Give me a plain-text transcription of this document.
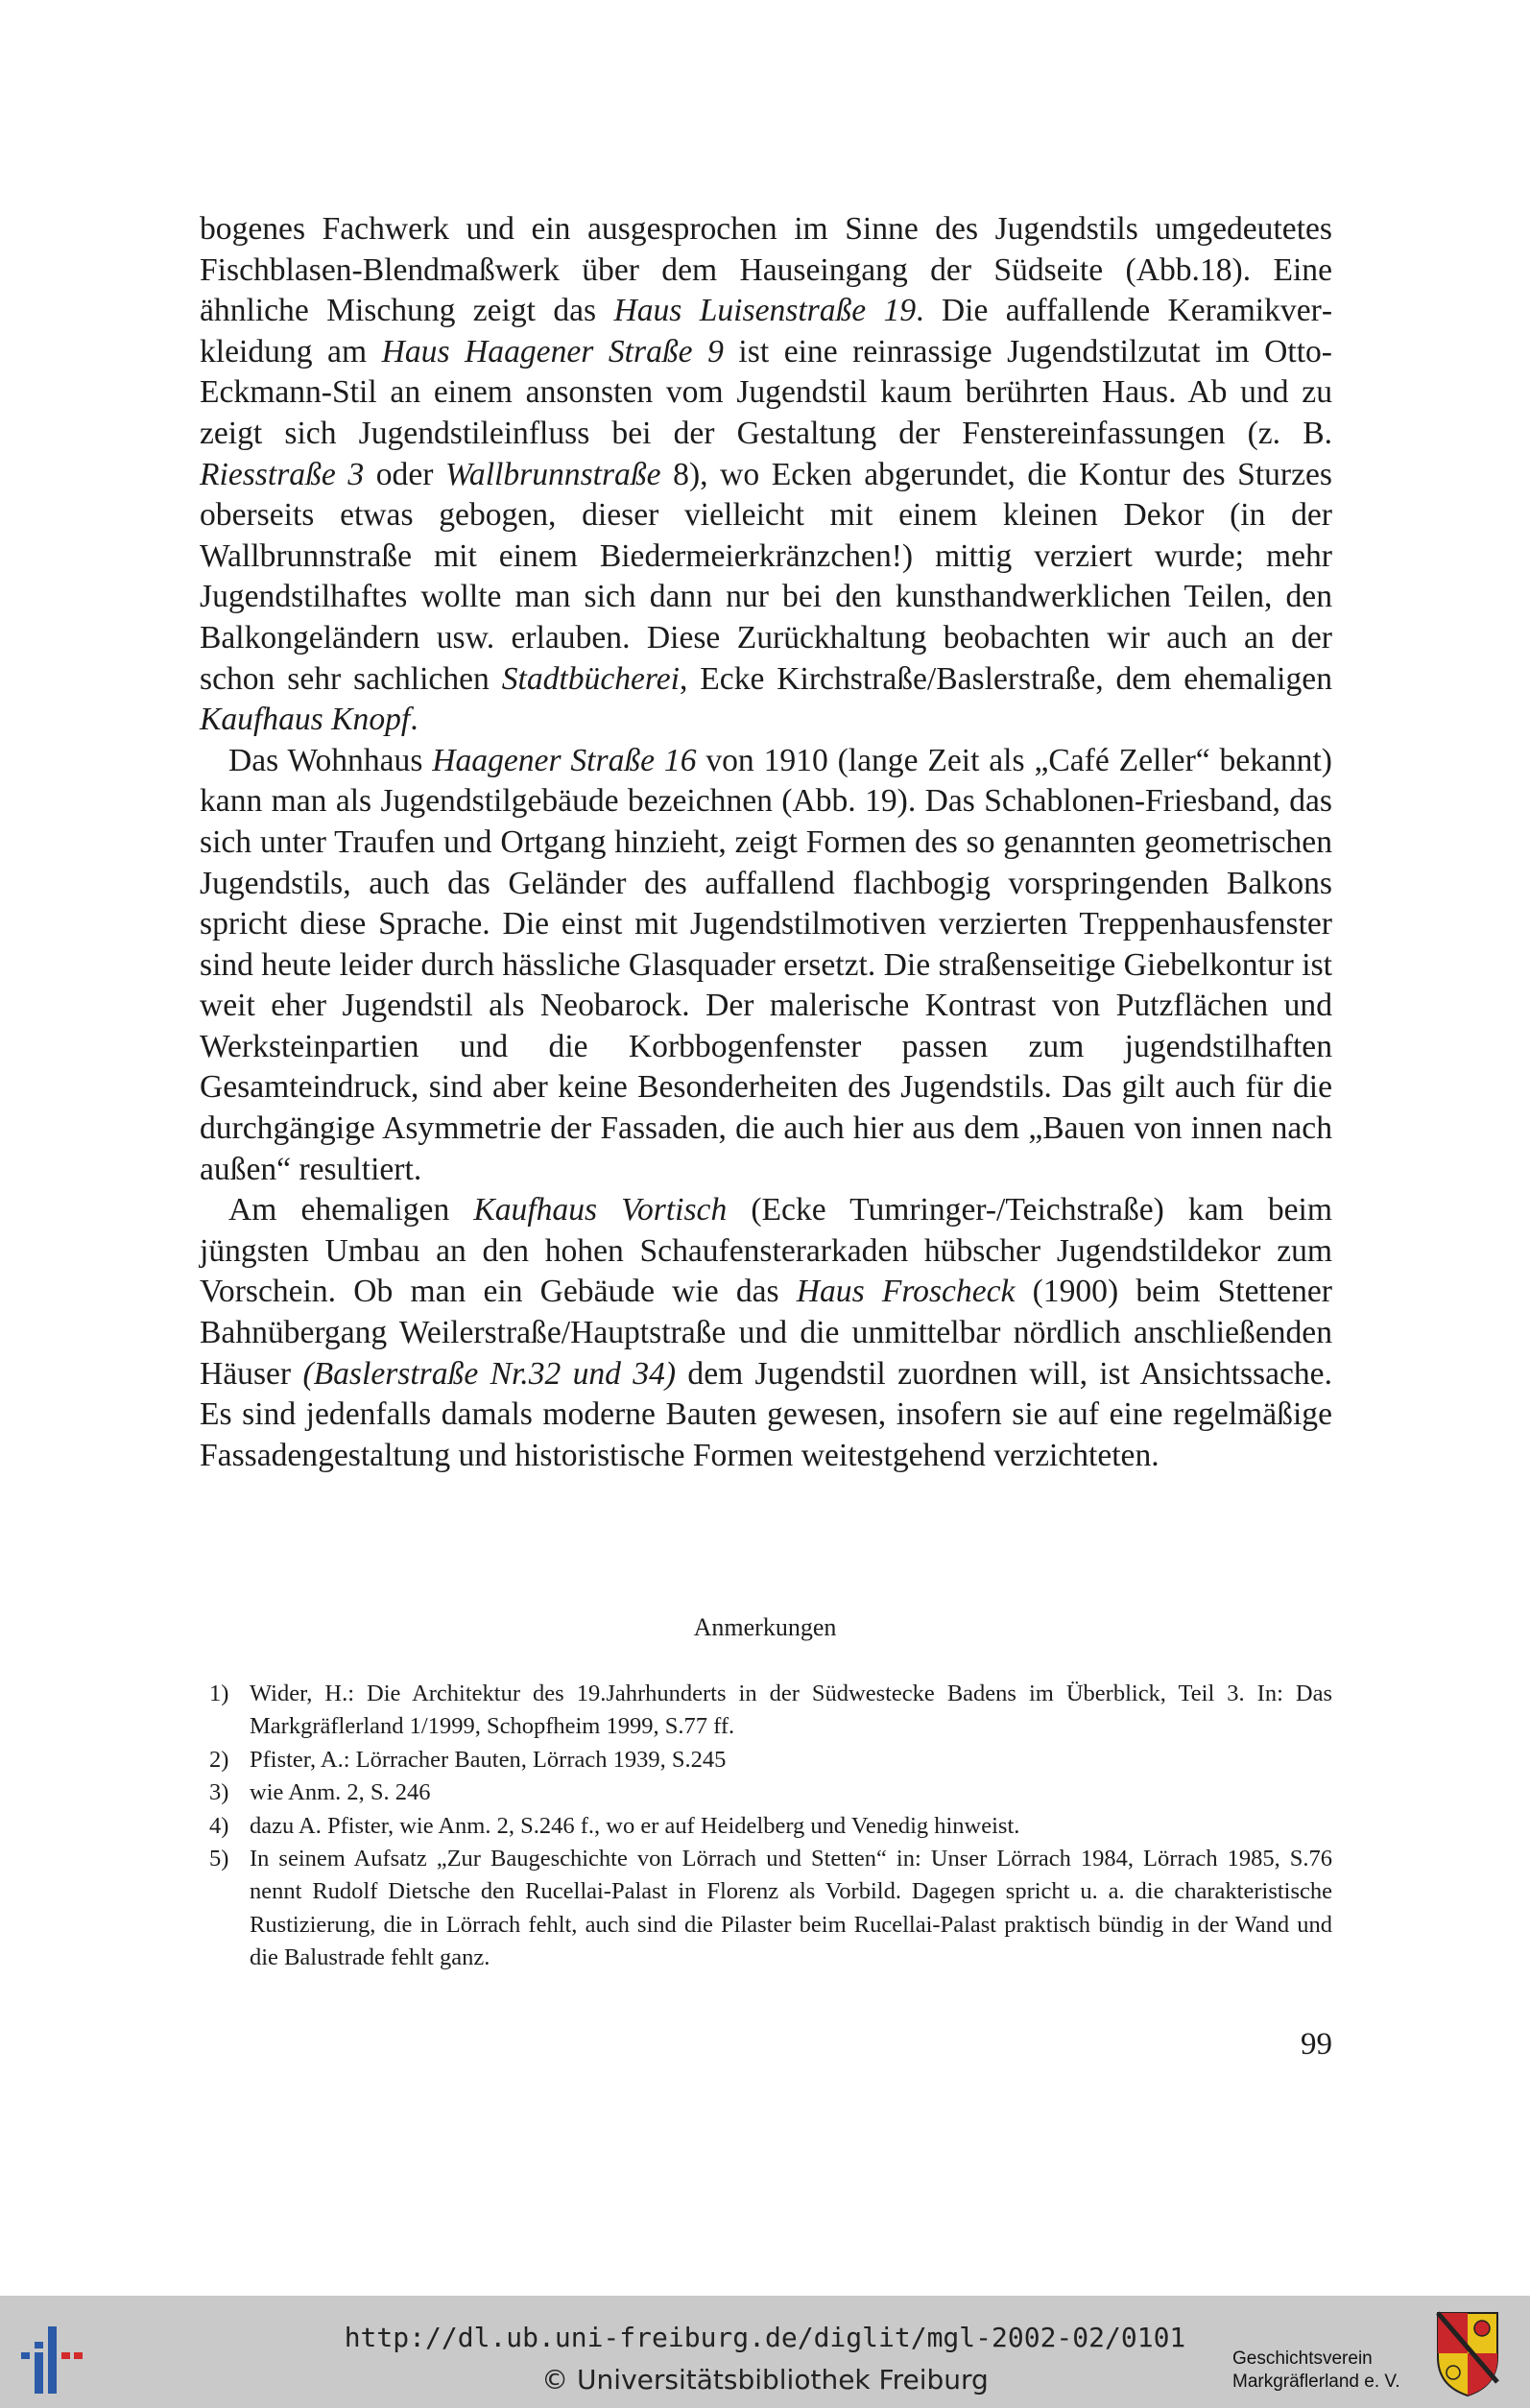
bogenes Fachwerk und ein ausgesprochen im Sinne des Jugendstils umgedeutetes Fischblasen-Blendmaßwerk über dem Hauseingang der Südseite (Abb.18). Eine ähnliche Mischung zeigt das Haus Luisenstraße 19. Die auffallende Keramikverkleidung am Haus Haagener Straße 9 ist eine reinrassige Jugendstilzutat im Otto-Eckmann-Stil an einem ansonsten vom Jugendstil kaum berührten Haus. Ab und zu zeigt sich Jugendstileinfluss bei der Gestaltung der Fenstereinfassungen (z. B. Riesstraße 3 oder Wallbrunnstraße 8), wo Ecken abgerundet, die Kontur des Sturzes oberseits etwas gebogen, dieser vielleicht mit einem kleinen Dekor (in der Wallbrunnstraße mit einem Biedermeierkränzchen!) mittig verziert wurde; mehr Jugendstilhaftes wollte man sich dann nur bei den kunsthandwerklichen Teilen, den Balkongeländern usw. erlauben. Diese Zurückhaltung beobachten wir auch an der schon sehr sachlichen Stadtbücherei, Ecke Kirchstraße/Baslerstraße, dem ehemaligen Kaufhaus Knopf.

Das Wohnhaus Haagener Straße 16 von 1910 (lange Zeit als „Café Zeller“ bekannt) kann man als Jugendstilgebäude bezeichnen (Abb. 19). Das Schablonen-Friesband, das sich unter Traufen und Ortgang hinzieht, zeigt Formen des so genannten geometrischen Jugendstils, auch das Geländer des auffallend flachbogig vorspringenden Balkons spricht diese Sprache. Die einst mit Jugendstilmotiven verzierten Treppenhausfenster sind heute leider durch hässliche Glasquader ersetzt. Die straßenseitige Giebelkontur ist weit eher Jugendstil als Neobarock. Der malerische Kontrast von Putzflächen und Werksteinpartien und die Korbbogenfenster passen zum jugendstilhaften Gesamteindruck, sind aber keine Besonderheiten des Jugendstils. Das gilt auch für die durchgängige Asymmetrie der Fassaden, die auch hier aus dem „Bauen von innen nach außen“ resultiert.

Am ehemaligen Kaufhaus Vortisch (Ecke Tumringer-/Teichstraße) kam beim jüngsten Umbau an den hohen Schaufensterarkaden hübscher Jugendstildekor zum Vorschein. Ob man ein Gebäude wie das Haus Froscheck (1900) beim Stettener Bahnübergang Weilerstraße/Hauptstraße und die unmittelbar nördlich anschließenden Häuser (Baslerstraße Nr.32 und 34) dem Jugendstil zuordnen will, ist Ansichtssache. Es sind jedenfalls damals moderne Bauten gewesen, insofern sie auf eine regelmäßige Fassadengestaltung und historistische Formen weitestgehend verzichteten.

Anmerkungen
1) Wider, H.: Die Architektur des 19.Jahrhunderts in der Südwestecke Badens im Überblick, Teil 3. In: Das Markgräflerland 1/1999, Schopfheim 1999, S.77 ff.
2) Pfister, A.: Lörracher Bauten, Lörrach 1939, S.245
3) wie Anm. 2, S. 246
4) dazu A. Pfister, wie Anm. 2, S.246 f., wo er auf Heidelberg und Venedig hinweist.
5) In seinem Aufsatz „Zur Baugeschichte von Lörrach und Stetten“ in: Unser Lörrach 1984, Lörrach 1985, S.76 nennt Rudolf Dietsche den Rucellai-Palast in Florenz als Vorbild. Dagegen spricht u. a. die charakteristische Rustizierung, die in Lörrach fehlt, auch sind die Pilaster beim Rucellai-Palast praktisch bündig in der Wand und die Balustrade fehlt ganz.
99
http://dl.ub.uni-freiburg.de/diglit/mgl-2002-02/0101
© Universitätsbibliothek Freiburg
Geschichtsverein
Markgräflerland e. V.
